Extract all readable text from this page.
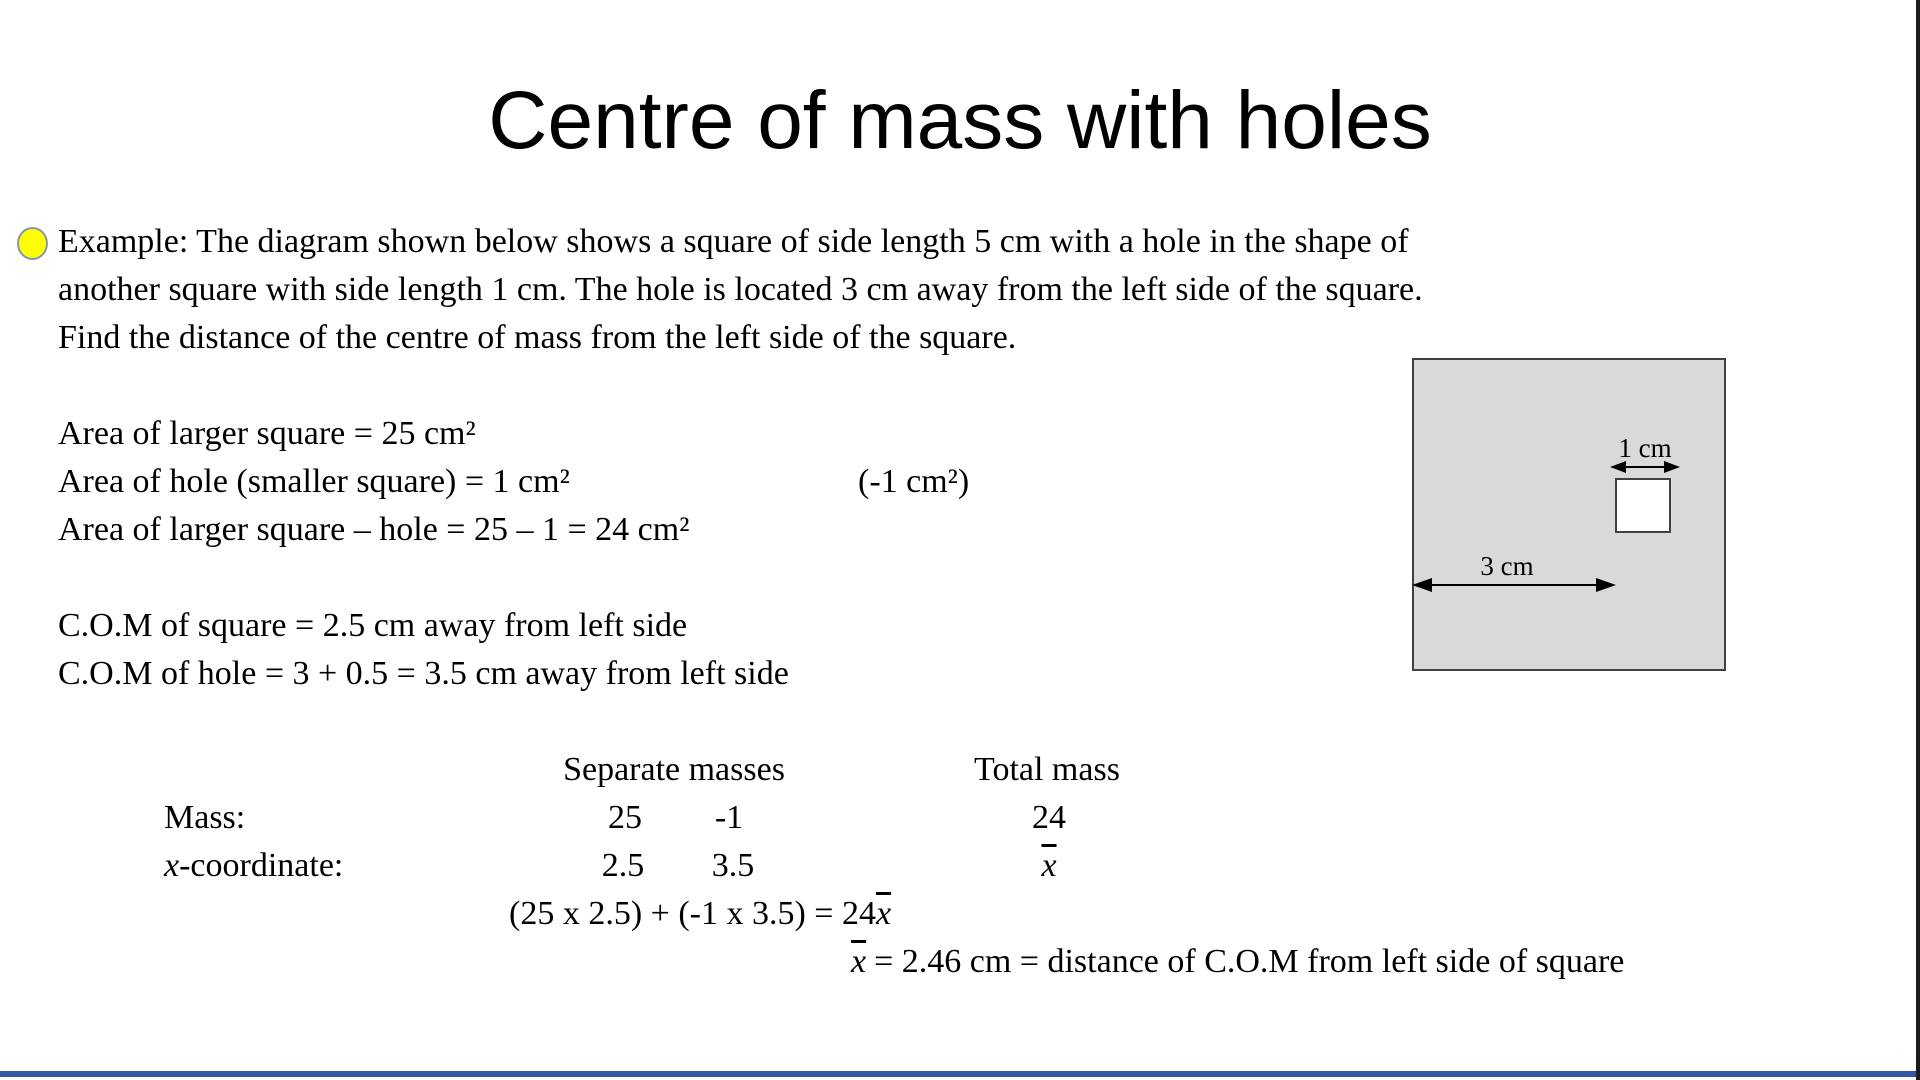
Centre of mass with holes
Example: The diagram shown below shows a square of side length 5 cm with a hole in the shape of
another square with side length 1 cm. The hole is located 3 cm away from the left side of the square.
Find the distance of the centre of mass from the left side of the square.
Area of larger square = 25 cm²
Area of hole (smaller square) = 1 cm²	(-1 cm²)
Area of larger square – hole = 25 – 1 = 24 cm²
C.O.M of square = 2.5 cm away from left side
C.O.M of hole = 3 + 0.5 = 3.5 cm away from left side
Separate masses	Total mass
Mass:	25 -1	24
x-coordinate:	2.5 3.5	$\overline{x}$
(25 x 2.5) + (-1 x $3.5) = 24\overline{x}$
$\overline{x} = 2.46$ cm = distance of C.O.M from left side of square
1 cm
3 cm
